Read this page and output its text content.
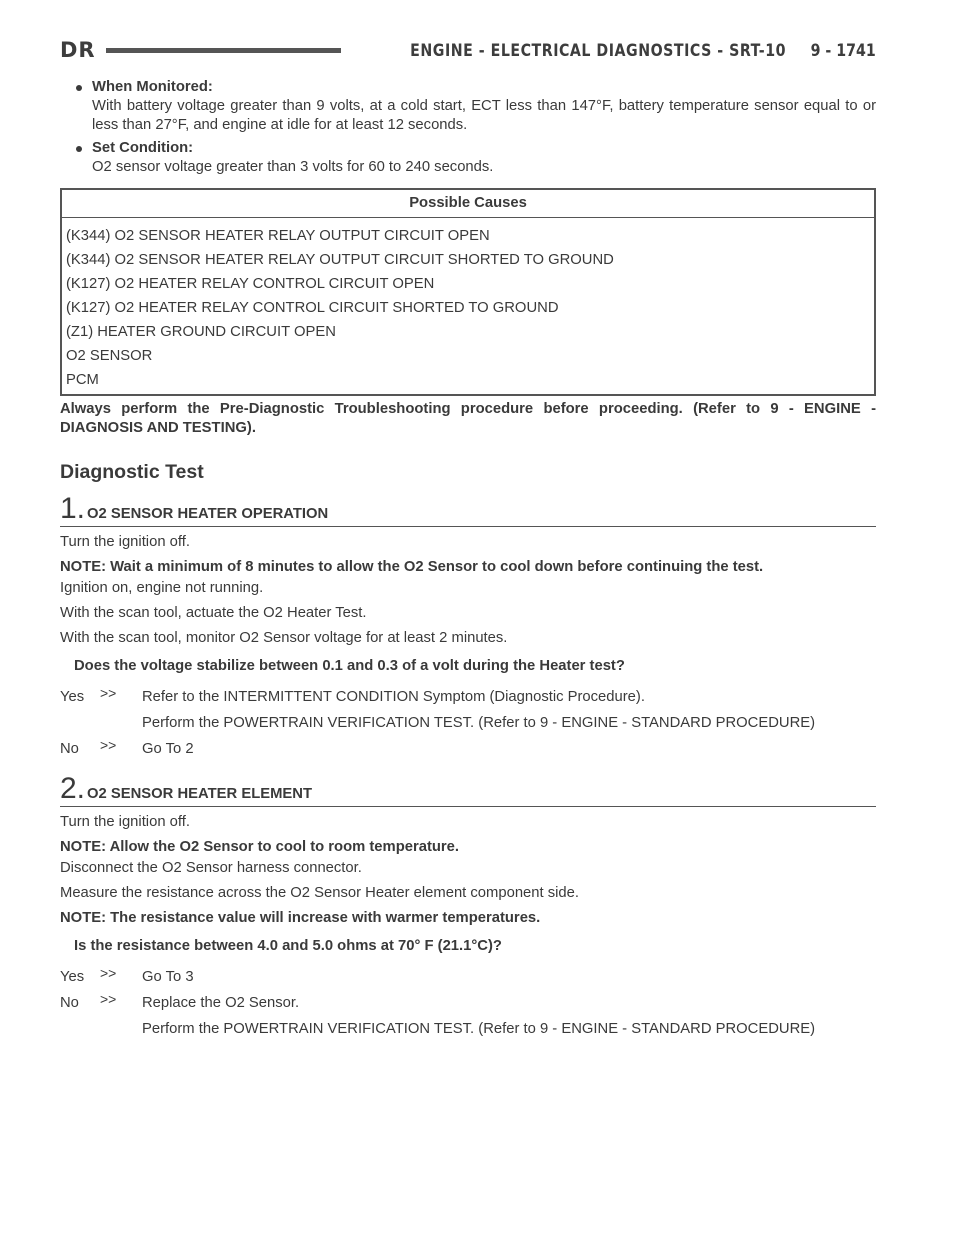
DR	ENGINE - ELECTRICAL DIAGNOSTICS - SRT-10 9 - 1741
When Monitored:
With battery voltage greater than 9 volts, at a cold start, ECT less than 147°F, battery temperature sensor equal to or less than 27°F, and engine at idle for at least 12 seconds.
Set Condition:
O2 sensor voltage greater than 3 volts for 60 to 240 seconds.
Possible Causes
(K344) O2 SENSOR HEATER RELAY OUTPUT CIRCUIT OPEN
(K344) O2 SENSOR HEATER RELAY OUTPUT CIRCUIT SHORTED TO GROUND
(K127) O2 HEATER RELAY CONTROL CIRCUIT OPEN
(K127) O2 HEATER RELAY CONTROL CIRCUIT SHORTED TO GROUND
(Z1) HEATER GROUND CIRCUIT OPEN
O2 SENSOR
PCM
Always perform the Pre-Diagnostic Troubleshooting procedure before proceeding. (Refer to 9 - ENGINE - DIAGNOSIS AND TESTING).
Diagnostic Test
1. O2 SENSOR HEATER OPERATION
Turn the ignition off.
NOTE: Wait a minimum of 8 minutes to allow the O2 Sensor to cool down before continuing the test.
Ignition on, engine not running.
With the scan tool, actuate the O2 Heater Test.
With the scan tool, monitor O2 Sensor voltage for at least 2 minutes.
Does the voltage stabilize between 0.1 and 0.3 of a volt during the Heater test?
Yes	>>	Refer to the INTERMITTENT CONDITION Symptom (Diagnostic Procedure).
Perform the POWERTRAIN VERIFICATION TEST. (Refer to 9 - ENGINE - STANDARD PROCEDURE)
No	>>	Go To 2
2. O2 SENSOR HEATER ELEMENT
Turn the ignition off.
NOTE: Allow the O2 Sensor to cool to room temperature.
Disconnect the O2 Sensor harness connector.
Measure the resistance across the O2 Sensor Heater element component side.
NOTE: The resistance value will increase with warmer temperatures.
Is the resistance between 4.0 and 5.0 ohms at 70° F (21.1°C)?
Yes	>>	Go To 3
No	>>	Replace the O2 Sensor.
Perform the POWERTRAIN VERIFICATION TEST. (Refer to 9 - ENGINE - STANDARD PROCEDURE)
